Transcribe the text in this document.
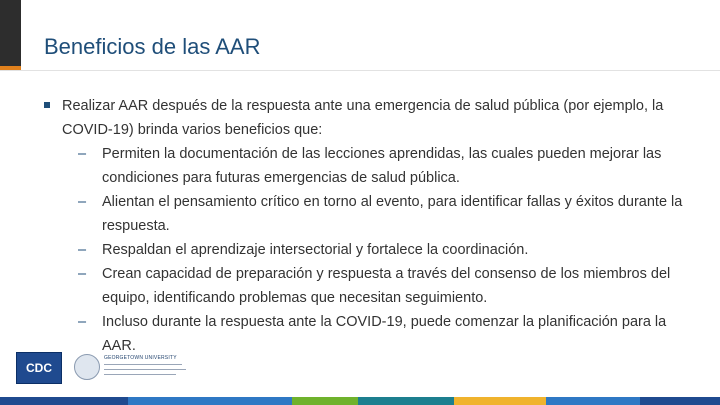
Beneficios de las AAR

Realizar AAR después de la respuesta ante una emergencia de salud pública (por ejemplo, la COVID-19) brinda varios beneficios que:

– Permiten la documentación de las lecciones aprendidas, las cuales pueden mejorar las condiciones para futuras emergencias de salud pública.
– Alientan el pensamiento crítico en torno al evento, para identificar fallas y éxitos durante la respuesta.
– Respaldan el aprendizaje intersectorial y fortalece la coordinación.
– Crean capacidad de preparación y respuesta a través del consenso de los miembros del equipo, identificando problemas que necesitan seguimiento.
– Incluso durante la respuesta ante la COVID-19, puede comenzar la planificación para la AAR.
CDC
GEORGETOWN UNIVERSITY
